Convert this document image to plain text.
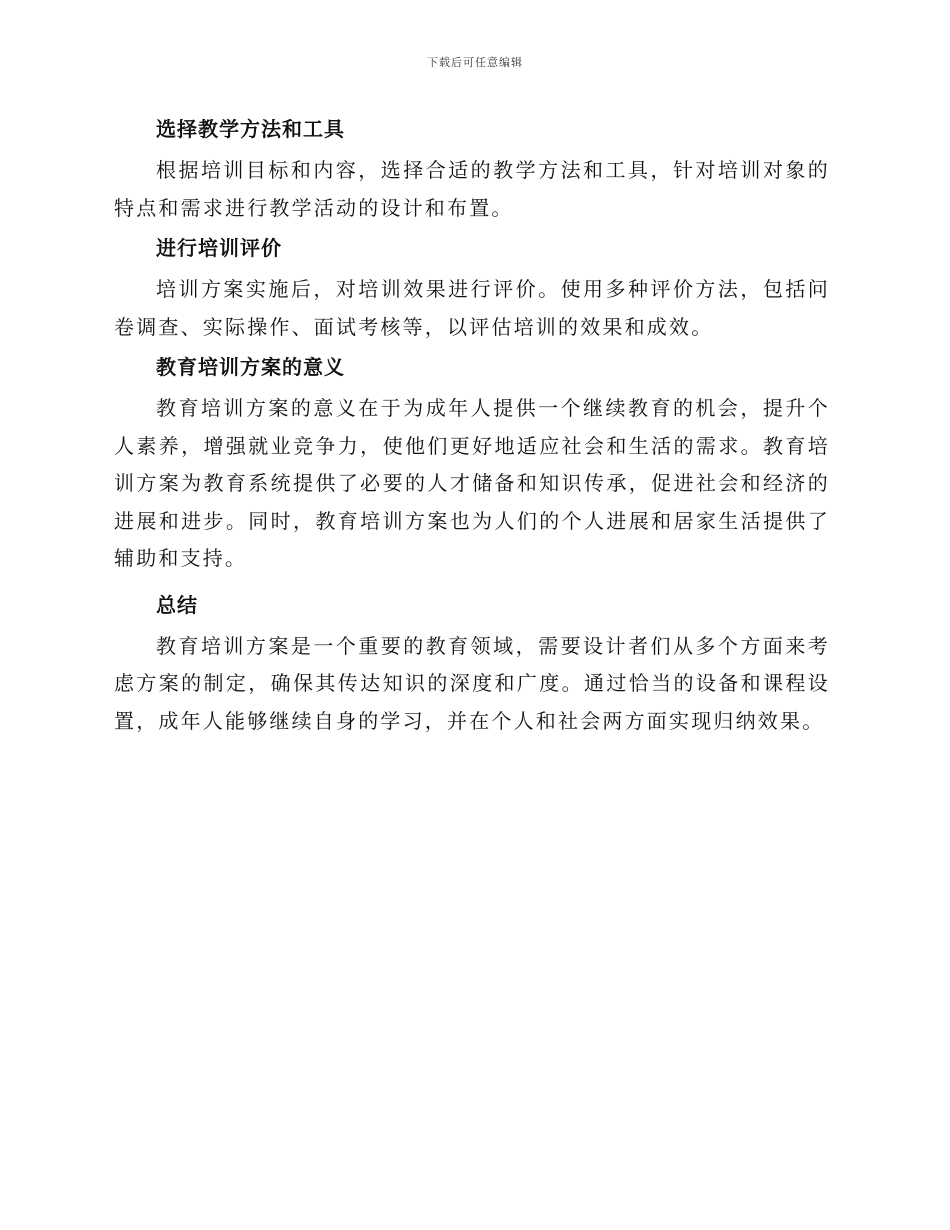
下载后可任意编辑
选择教学方法和工具

根据培训目标和内容，选择合适的教学方法和工具，针对培训对象的特点和需求进行教学活动的设计和布置。

进行培训评价

培训方案实施后，对培训效果进行评价。使用多种评价方法，包括问卷调查、实际操作、面试考核等，以评估培训的效果和成效。

教育培训方案的意义

教育培训方案的意义在于为成年人提供一个继续教育的机会，提升个人素养，增强就业竞争力，使他们更好地适应社会和生活的需求。教育培训方案为教育系统提供了必要的人才储备和知识传承，促进社会和经济的进展和进步。同时，教育培训方案也为人们的个人进展和居家生活提供了辅助和支持。

总结

教育培训方案是一个重要的教育领域，需要设计者们从多个方面来考虑方案的制定，确保其传达知识的深度和广度。通过恰当的设备和课程设置，成年人能够继续自身的学习，并在个人和社会两方面实现归纳效果。
